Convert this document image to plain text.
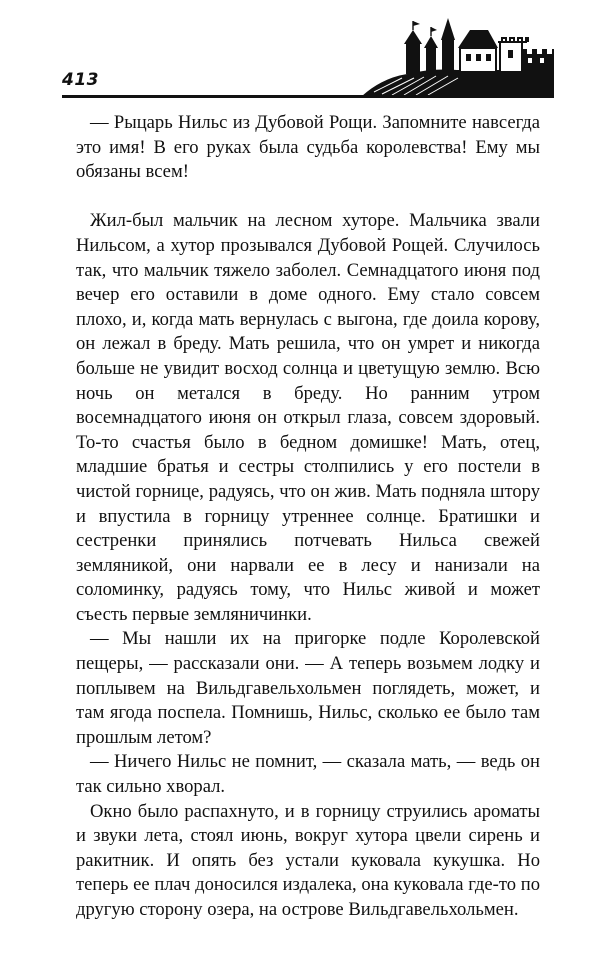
413

— Рыцарь Нильс из Дубовой Рощи. Запомните навсегда это имя! В его руках была судьба королевства! Ему мы обязаны всем!

Жил-был мальчик на лесном хуторе. Мальчика звали Нильсом, а хутор прозывался Дубовой Рощей. Случилось так, что мальчик тяжело заболел. Семнадцатого июня под вечер его оставили в доме одного. Ему стало совсем плохо, и, когда мать вернулась с выгона, где доила корову, он лежал в бреду. Мать решила, что он умрет и никогда больше не увидит восход солнца и цветущую землю. Всю ночь он метался в бреду. Но ранним утром восемнадцатого июня он открыл глаза, совсем здоровый. То-то счастья было в бедном домишке! Мать, отец, младшие братья и сестры столпились у его постели в чистой горнице, радуясь, что он жив. Мать подняла штору и впустила в горницу утреннее солнце. Братишки и сестренки принялись потчевать Нильса свежей земляникой, они нарвали ее в лесу и нанизали на соломинку, радуясь тому, что Нильс живой и может съесть первые земляничинки.

— Мы нашли их на пригорке подле Королевской пещеры, — рассказали они. — А теперь возьмем лодку и поплывем на Вильдгавельхольмен поглядеть, может, и там ягода поспела. Помнишь, Нильс, сколько ее было там прошлым летом?

— Ничего Нильс не помнит, — сказала мать, — ведь он так сильно хворал.

Окно было распахнуто, и в горницу струились ароматы и звуки лета, стоял июнь, вокруг хутора цвели сирень и ракитник. И опять без устали куковала кукушка. Но теперь ее плач доносился издалека, она куковала где-то по другую сторону озера, на острове Вильдгавельхольмен.
